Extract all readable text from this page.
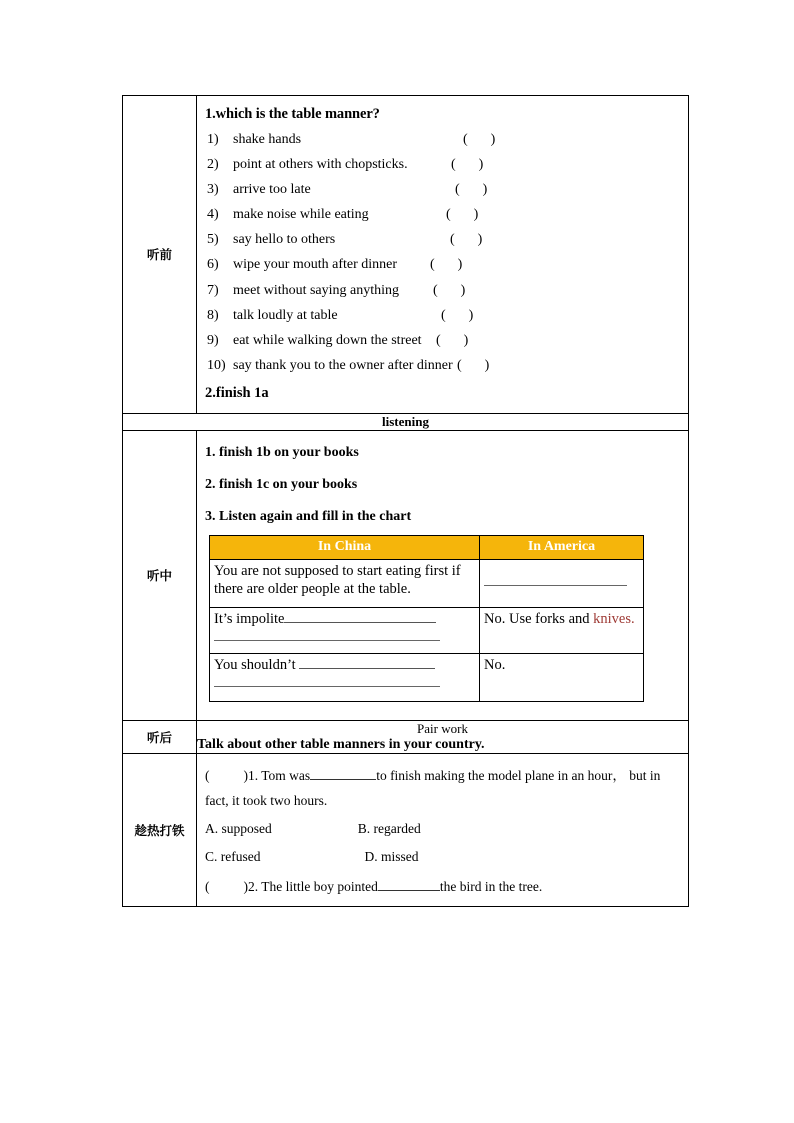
听前	
1.which is the table manner?
1)	shake hands	(  )
2)	point at others with chopsticks.	(  )
3)	arrive too late	(  )
4)	make noise while eating	(  )
5)	say hello to others	(  )
6)	wipe your mouth after dinner	(  )
7)	meet without saying anything	(  )
8)	talk loudly at table	(  )
9)	eat while walking down the street	(  )
10) say thank you to the owner after dinner (  )
2.finish 1a

listening
听中	
1. finish 1b on your books
2. finish 1c on your books
3. Listen again and fill in the chart
In China	In America

You are not supposed to start eating first if there are older people at the table.

It’s impolite	No. Use forks and knives.

You shouldn’t	No.

听后	
Pair work
Talk about other table manners in your country.

趁热打铁	
(	)1. Tom was	to finish making the model plane in an hour， but in
fact, it took two hours.
A. supposed	B. regarded
C. refused	D. missed
(	)2. The little boy pointed	the bird in the tree.
